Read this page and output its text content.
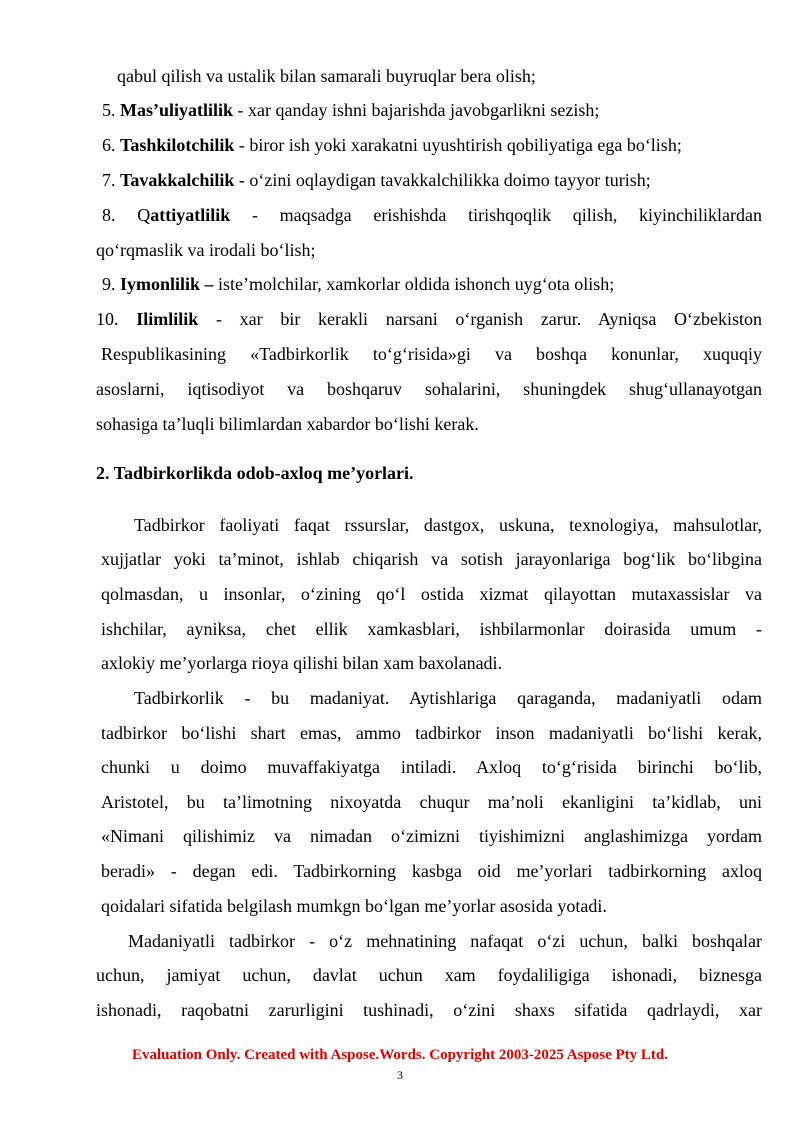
qabul qilish va ustalik bilan samarali buyruqlar bera olish;
5. Mas’uliyatlilik - xar qanday ishni bajarishda javobgarlikni sezish;
6. Tashkilotchilik - biror ish yoki xarakatni uyushtirish qobiliyatiga ega bo‘lish;
7. Tavakkalchilik - o‘zini oqlaydigan tavakkalchilikka doimo tayyor turish;
8. Qattiyatlilik - maqsadga erishishda tirishqoqlik qilish, kiyinchiliklardan
qo‘rqmaslik va irodali bo‘lish;
9. Iymonlilik – iste’molchilar, xamkorlar oldida ishonch uyg‘ota olish;
10. Ilimlilik - xar bir kerakli narsani o‘rganish zarur. Ayniqsa O‘zbekiston
Respublikasining «Tadbirkorlik to‘g‘risida»gi va boshqa konunlar, xuquqiy
asoslarni, iqtisodiyot va boshqaruv sohalarini, shuningdek shug‘ullanayotgan
sohasiga ta’luqli bilimlardan xabardor bo‘lishi kerak.
2. Tadbirkorlikda odob-axloq me’yorlari.
Tadbirkor faoliyati faqat rssurslar, dastgox, uskuna, texnologiya, mahsulotlar,
xujjatlar yoki ta’minot, ishlab chiqarish va sotish jarayonlariga bog‘lik bo‘libgina
qolmasdan, u insonlar, o‘zining qo‘l ostida xizmat qilayottan mutaxassislar va
ishchilar, ayniksa, chet ellik xamkasblari, ishbilarmonlar doirasida umum -
axlokiy me’yorlarga rioya qilishi bilan xam baxolanadi.
Tadbirkorlik - bu madaniyat. Aytishlariga qaraganda, madaniyatli odam
tadbirkor bo‘lishi shart emas, ammo tadbirkor inson madaniyatli bo‘lishi kerak,
chunki u doimo muvaffakiyatga intiladi. Axloq to‘g‘risida birinchi bo‘lib,
Aristotel, bu ta’limotning nixoyatda chuqur ma’noli ekanligini ta’kidlab, uni
«Nimani qilishimiz va nimadan o‘zimizni tiyishimizni anglashimizga yordam
beradi» - degan edi. Tadbirkorning kasbga oid me’yorlari tadbirkorning axloq
qoidalari sifatida belgilash mumkgn bo‘lgan me’yorlar asosida yotadi.
Madaniyatli tadbirkor - o‘z mehnatining nafaqat o‘zi uchun, balki boshqalar
uchun, jamiyat uchun, davlat uchun xam foydaliligiga ishonadi, biznesga
ishonadi, raqobatni zarurligini tushinadi, o‘zini shaxs sifatida qadrlaydi, xar
Evaluation Only. Created with Aspose.Words. Copyright 2003-2025 Aspose Pty Ltd.
3
